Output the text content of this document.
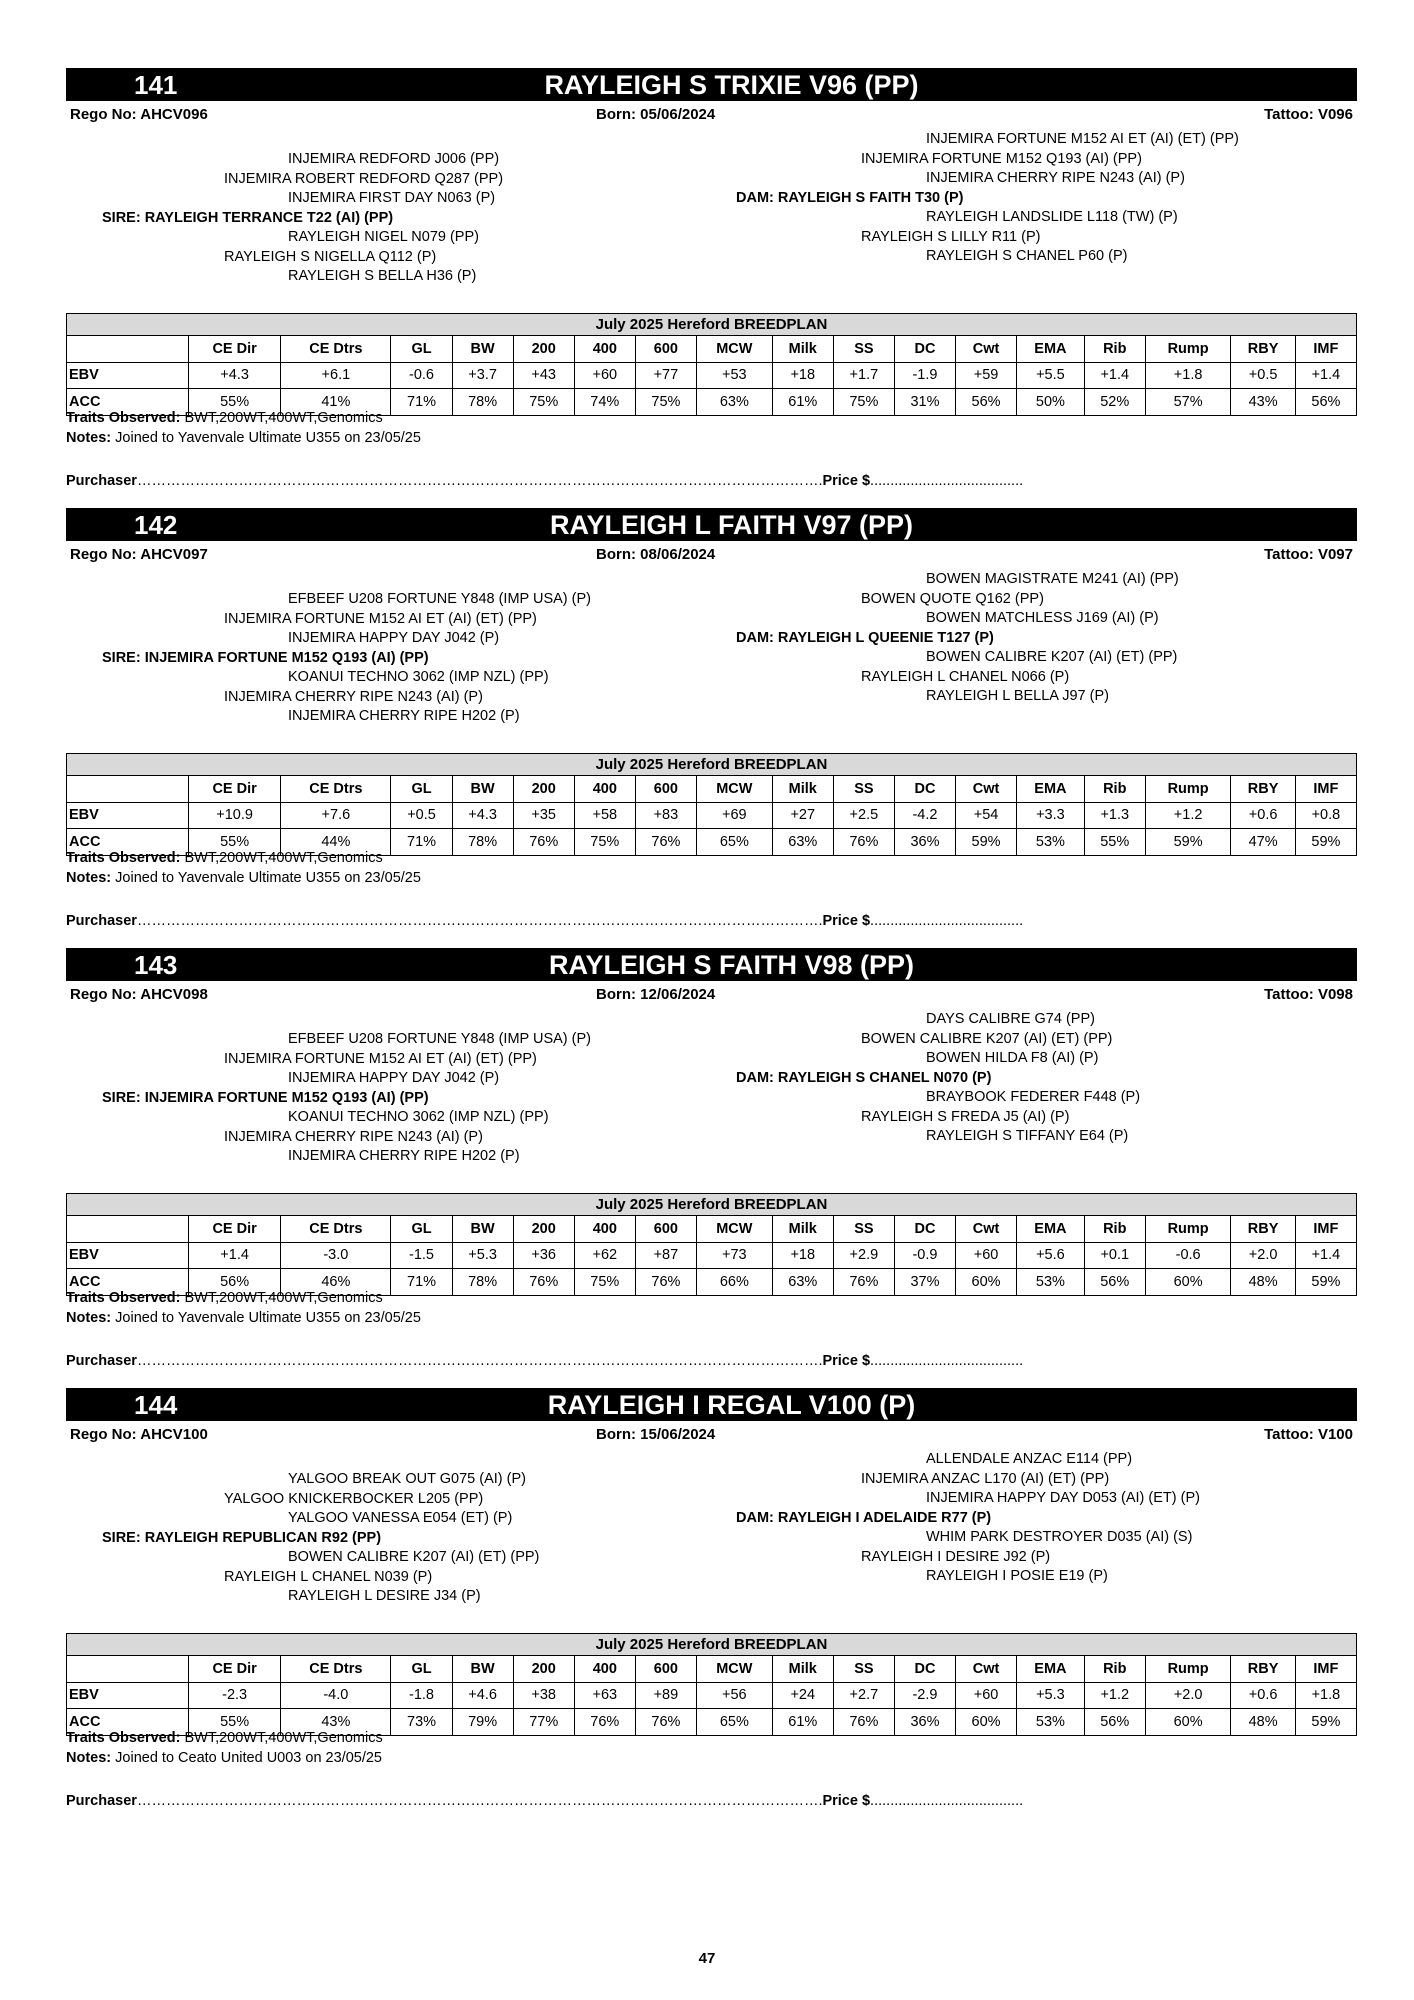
141	RAYLEIGH S TRIXIE V96 (PP)
Rego No: AHCV096	Born: 05/06/2024	Tattoo: V096
INJEMIRA REDFORD J006 (PP)
INJEMIRA ROBERT REDFORD Q287 (PP)
INJEMIRA FIRST DAY N063 (P)
SIRE: RAYLEIGH TERRANCE T22 (AI) (PP)
RAYLEIGH NIGEL N079 (PP)
RAYLEIGH S NIGELLA Q112 (P)
RAYLEIGH S BELLA H36 (P)
INJEMIRA FORTUNE M152 AI ET (AI) (ET) (PP)
INJEMIRA FORTUNE M152 Q193 (AI) (PP)
INJEMIRA CHERRY RIPE N243 (AI) (P)
DAM: RAYLEIGH S FAITH T30 (P)
RAYLEIGH LANDSLIDE L118 (TW) (P)
RAYLEIGH S LILLY R11 (P)
RAYLEIGH S CHANEL P60 (P)
July 2025 Hereford BREEDPLAN																	
	CE Dir	CE Dtrs	GL	BW	200	400	600	MCW	Milk	SS	DC	Cwt	EMA	Rib	Rump	RBY	IMF
EBV	+4.3	+6.1	-0.6	+3.7	+43	+60	+77	+53	+18	+1.7	-1.9	+59	+5.5	+1.4	+1.8	+0.5	+1.4
ACC	55%	41%	71%	78%	75%	74%	75%	63%	61%	75%	31%	56%	50%	52%	57%	43%	56%
Traits Observed: BWT,200WT,400WT,Genomics
Notes: Joined to Yavenvale Ultimate U355 on 23/05/25
Purchaser…………………………………………………………………………………………………………………………….Price $......................................
142	RAYLEIGH L FAITH V97 (PP)
Rego No: AHCV097	Born: 08/06/2024	Tattoo: V097
EFBEEF U208 FORTUNE Y848 (IMP USA) (P)
INJEMIRA FORTUNE M152 AI ET (AI) (ET) (PP)
INJEMIRA HAPPY DAY J042 (P)
SIRE: INJEMIRA FORTUNE M152 Q193 (AI) (PP)
KOANUI TECHNO 3062 (IMP NZL) (PP)
INJEMIRA CHERRY RIPE N243 (AI) (P)
INJEMIRA CHERRY RIPE H202 (P)
BOWEN MAGISTRATE M241 (AI) (PP)
BOWEN QUOTE Q162 (PP)
BOWEN MATCHLESS J169 (AI) (P)
DAM: RAYLEIGH L QUEENIE T127 (P)
BOWEN CALIBRE K207 (AI) (ET) (PP)
RAYLEIGH L CHANEL N066 (P)
RAYLEIGH L BELLA J97 (P)
July 2025 Hereford BREEDPLAN																	
	CE Dir	CE Dtrs	GL	BW	200	400	600	MCW	Milk	SS	DC	Cwt	EMA	Rib	Rump	RBY	IMF
EBV	+10.9	+7.6	+0.5	+4.3	+35	+58	+83	+69	+27	+2.5	-4.2	+54	+3.3	+1.3	+1.2	+0.6	+0.8
ACC	55%	44%	71%	78%	76%	75%	76%	65%	63%	76%	36%	59%	53%	55%	59%	47%	59%
Traits Observed: BWT,200WT,400WT,Genomics
Notes: Joined to Yavenvale Ultimate U355 on 23/05/25
Purchaser…………………………………………………………………………………………………………………………….Price $......................................
143	RAYLEIGH S FAITH V98 (PP)
Rego No: AHCV098	Born: 12/06/2024	Tattoo: V098
EFBEEF U208 FORTUNE Y848 (IMP USA) (P)
INJEMIRA FORTUNE M152 AI ET (AI) (ET) (PP)
INJEMIRA HAPPY DAY J042 (P)
SIRE: INJEMIRA FORTUNE M152 Q193 (AI) (PP)
KOANUI TECHNO 3062 (IMP NZL) (PP)
INJEMIRA CHERRY RIPE N243 (AI) (P)
INJEMIRA CHERRY RIPE H202 (P)
DAYS CALIBRE G74 (PP)
BOWEN CALIBRE K207 (AI) (ET) (PP)
BOWEN HILDA F8 (AI) (P)
DAM: RAYLEIGH S CHANEL N070 (P)
BRAYBOOK FEDERER F448 (P)
RAYLEIGH S FREDA J5 (AI) (P)
RAYLEIGH S TIFFANY E64 (P)
July 2025 Hereford BREEDPLAN																	
	CE Dir	CE Dtrs	GL	BW	200	400	600	MCW	Milk	SS	DC	Cwt	EMA	Rib	Rump	RBY	IMF
EBV	+1.4	-3.0	-1.5	+5.3	+36	+62	+87	+73	+18	+2.9	-0.9	+60	+5.6	+0.1	-0.6	+2.0	+1.4
ACC	56%	46%	71%	78%	76%	75%	76%	66%	63%	76%	37%	60%	53%	56%	60%	48%	59%
Traits Observed: BWT,200WT,400WT,Genomics
Notes: Joined to Yavenvale Ultimate U355 on 23/05/25
Purchaser…………………………………………………………………………………………………………………………….Price $......................................
144	RAYLEIGH I REGAL V100 (P)
Rego No: AHCV100	Born: 15/06/2024	Tattoo: V100
YALGOO BREAK OUT G075 (AI) (P)
YALGOO KNICKERBOCKER L205 (PP)
YALGOO VANESSA E054 (ET) (P)
SIRE: RAYLEIGH REPUBLICAN R92 (PP)
BOWEN CALIBRE K207 (AI) (ET) (PP)
RAYLEIGH L CHANEL N039 (P)
RAYLEIGH L DESIRE J34 (P)
ALLENDALE ANZAC E114 (PP)
INJEMIRA ANZAC L170 (AI) (ET) (PP)
INJEMIRA HAPPY DAY D053 (AI) (ET) (P)
DAM: RAYLEIGH I ADELAIDE R77 (P)
WHIM PARK DESTROYER D035 (AI) (S)
RAYLEIGH I DESIRE J92 (P)
RAYLEIGH I POSIE E19 (P)
July 2025 Hereford BREEDPLAN																	
	CE Dir	CE Dtrs	GL	BW	200	400	600	MCW	Milk	SS	DC	Cwt	EMA	Rib	Rump	RBY	IMF
EBV	-2.3	-4.0	-1.8	+4.6	+38	+63	+89	+56	+24	+2.7	-2.9	+60	+5.3	+1.2	+2.0	+0.6	+1.8
ACC	55%	43%	73%	79%	77%	76%	76%	65%	61%	76%	36%	60%	53%	56%	60%	48%	59%
Traits Observed: BWT,200WT,400WT,Genomics
Notes: Joined to Ceato United U003 on 23/05/25
Purchaser…………………………………………………………………………………………………………………………….Price $......................................
47
